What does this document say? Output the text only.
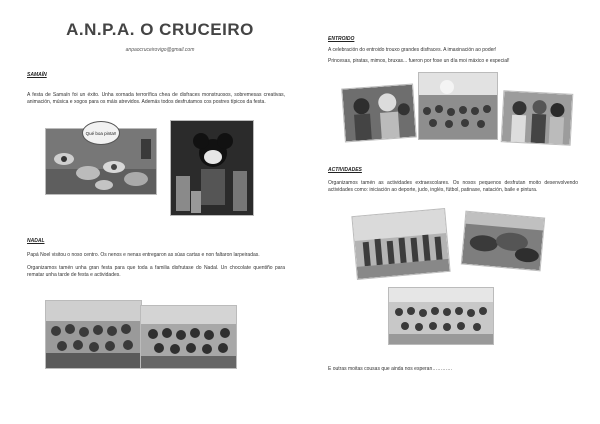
A.N.P.A. O CRUCEIRO
anpaocruceirovigo@gmail.com
SAMAÍN
A festa de Samaín foi un éxito. Unha xornada terrorífica chea de disfraces monstruosos, sobremesas creativas, animación, música e xogos para os máis atrevidos. Además todos desfrutamos cos postres típicos da festa.
Qué boa pinta!!
NADAL
Papá Noel visitou o noso centro. Os nenos e nenas entregaron as súas cartas e non faltaron larpeiradas.
Organizamos tamén unha gran festa para que toda a familia disfrutase do Nadal. Un chocolate quentiño para rematar unha tarde de festa e actividades.
ENTROIDO
A celebración do entroido trouxo grandes disfraces. A imaxinación ao poder!
Princesas, piratas, mimos, bruxas... fueron por fose un día moi máxico e especial!
ACTIVIDADES
Organizamos tamén as actividades extraescolares. Os nosos pequenos desfrutan moito desenvolvendo actividades como: iniciación ao deporte, judo, inglés, fútbol, patinaxe, natación, baile e pintura.
E outras moitas cousas que ainda nos esperan…………
